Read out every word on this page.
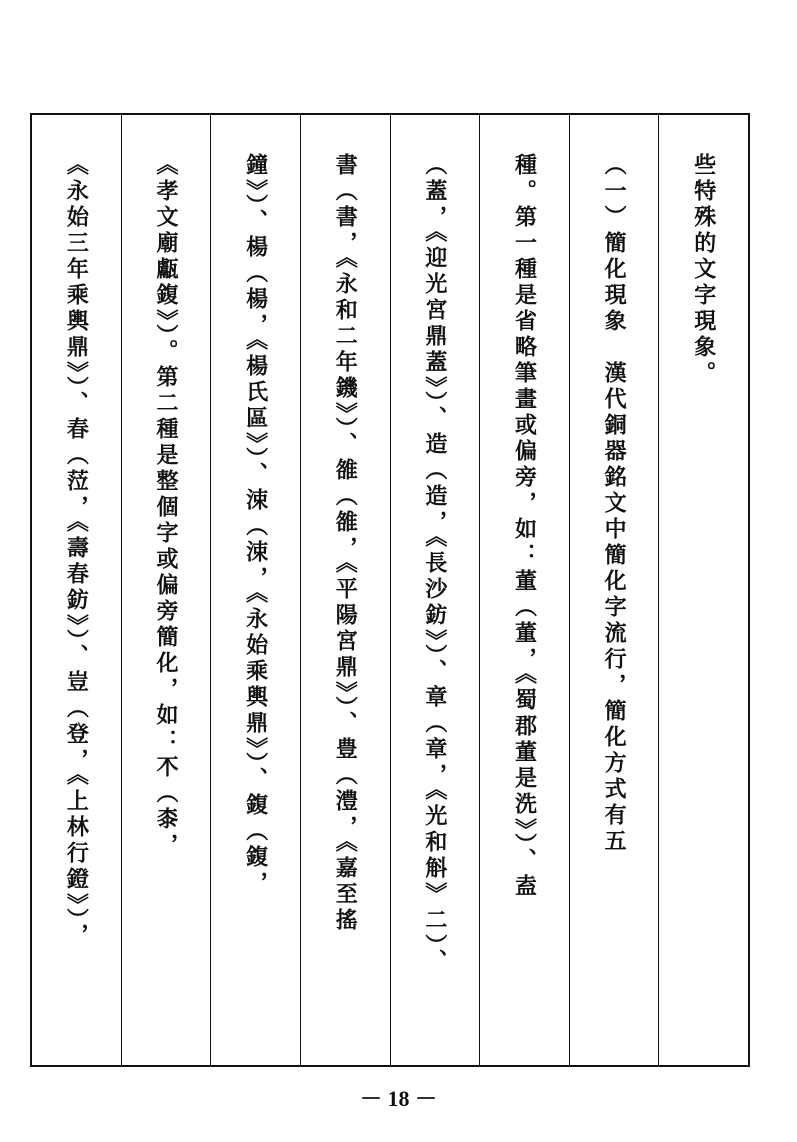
《永始三年乘輿鼎》）、春（𦲷，《壽春鈁》）、豈（登，《上林行鐙》），	《孝文廟甗鍑》）。第二種是整個字或偏旁簡化，如：𣎴（桼，	鐘》）、楊（楊，《楊氏區》）、涑（涑，《永始乘輿鼎》）、鍑（鍑，	書（書，《永和二年鐖》）、雒（雒，《平陽宮鼎》）、豊（澧，《嘉至搖	（蓋，《迎光宮鼎蓋》）、造（造，《長沙鈁》）、章（章，《光和斛》二）、	種。第一種是省略筆畫或偏旁，如：董（董，《蜀郡董是洗》）、盍	（一）簡化現象　漢代銅器銘文中簡化字流行，簡化方式有五	些特殊的文字現象。
－ 18 －
